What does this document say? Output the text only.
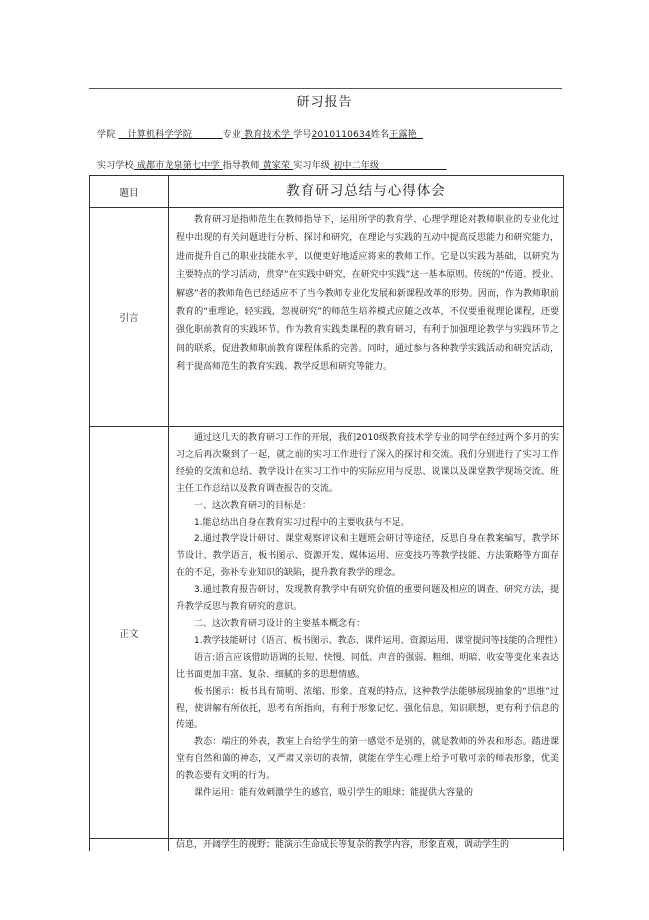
研习报告
学院 计算机科学学院	专业 教育技术学 学号2010110634姓名王露艳
实习学校 成都市龙泉第七中学 指导教师 黄家荣 实习年级 初中二年级
题目	教育研习总结与心得体会
引言

教育研习是指师范生在教师指导下，运用所学的教育学、心理学理论对教师职业的专业化过程中出现的有关问题进行分析、探讨和研究，在理论与实践的互动中提高反思能力和研究能力，进而提升自己的职业技能水平，以便更好地适应将来的教师工作。它是以实践为基础，以研究为主要特点的学习活动，贯穿“在实践中研究，在研究中实践”这一基本原则。传统的“传道、授业、解惑”者的教师角色已经适应不了当今教师专业化发展和新课程改革的形势。因而，作为教师职前教育的“重理论，轻实践，忽视研究”的师范生培养模式应随之改革，不仅要重视理论课程，还要强化职前教育的实践环节。作为教育实践类课程的教育研习，有利于加强理论教学与实践环节之间的联系，促进教师职前教育课程体系的完善。同时，通过参与各种教学实践活动和研究活动，利于提高师范生的教育实践、教学反思和研究等能力。

正文

通过这几天的教育研习工作的开展，我们2010级教育技术学专业的同学在经过两个多月的实习之后再次聚到了一起，就之前的实习工作进行了深入的探讨和交流。我们分别进行了实习工作经验的交流和总结、教学设计在实习工作中的实际应用与反思、说课以及课堂教学现场交流、班主任工作总结以及教育调查报告的交流。

一、这次教育研习的目标是：

1.能总结出自身在教育实习过程中的主要收获与不足。

2.通过教学设计研讨、课堂观察评议和主题班会研讨等途径，反思自身在教案编写，教学环节设计、教学语言，板书图示、资源开发、媒体运用、应变技巧等教学技能、方法策略等方面存在的不足，弥补专业知识的缺陷，提升教育教学的理念。

3.通过教育报告研讨，发现教育教学中有研究价值的重要问题及相应的调查、研究方法，提升教学反思与教育研究的意识。

二、这次教育研习设计的主要基本概念有：

1.教学技能研讨（语言、板书图示、教态、课件运用、资源运用、课堂提问等技能的合理性）

语言:语言应该借助语调的长短、快慢、同低、声音的强弱、粗细、明暗、收安等变化来表达比书面更加丰富、复杂、细腻的多的思想情感。

板书图示：板书具有简明、浓缩、形象、直观的特点，这种教学法能够展现抽象的“思维”过程，使讲解有所依托，思考有所指向，有利于形象记忆、强化信息，知识联想，更有利于信息的传递。

教态：端庄的外表，教室上台给学生的第一感觉不是别的，就是教师的外表和形态。踏进课堂有自然和蔼的神态，又严肃又亲切的表情，就能在学生心理上给予可敬可亲的师表形象，优美的教态要有文明的行为。

课件运用：能有效刺激学生的感官，吸引学生的眼球；能提供大容量的

信息，开阔学生的视野；能演示生命成长等复杂的教学内容，形象直观，调动学生的
